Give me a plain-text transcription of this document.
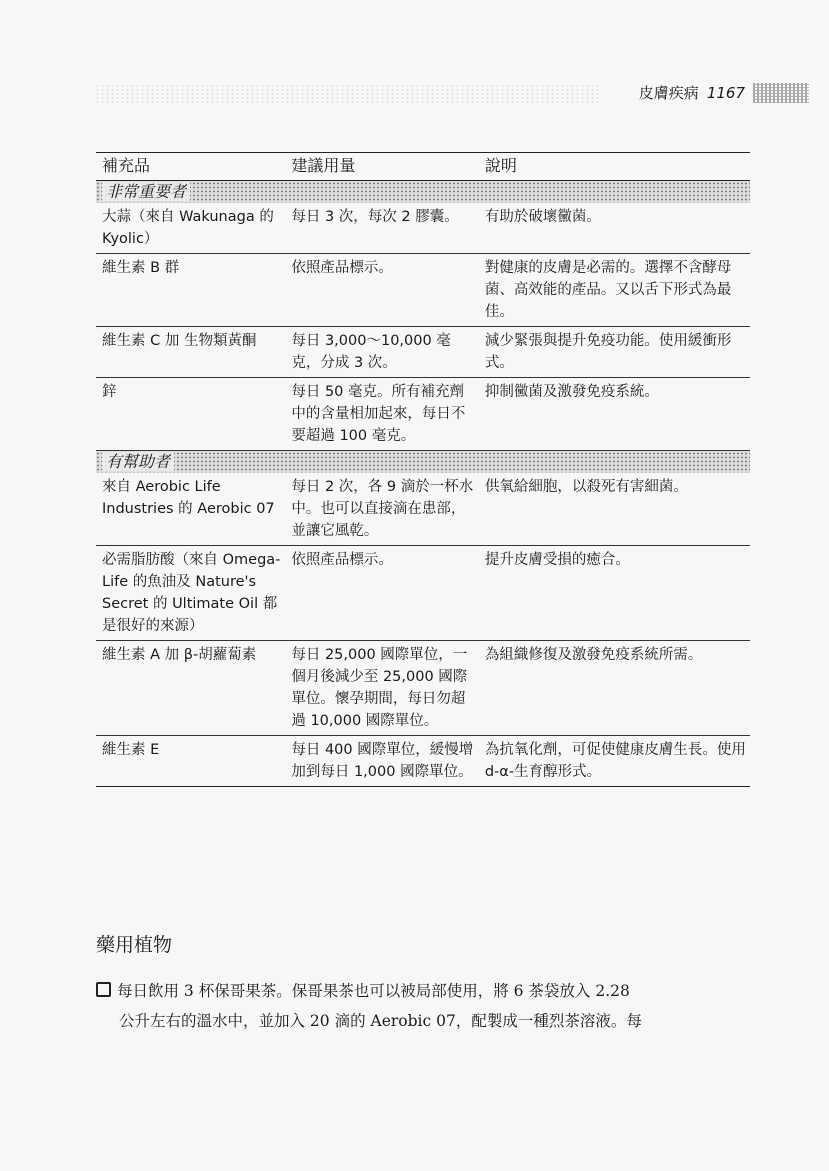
皮膚疾病 1167
補充品	建議用量	說明
非常重要者		
大蒜（來自 Wakunaga 的 Kyolic）	每日 3 次，每次 2 膠囊。	有助於破壞黴菌。
維生素 B 群	依照產品標示。	對健康的皮膚是必需的。選擇不含酵母菌、高效能的產品。又以舌下形式為最佳。
維生素 C 加 生物類黃酮	每日 3,000～10,000 毫克，分成 3 次。	減少緊張與提升免疫功能。使用緩衝形式。
鋅	每日 50 毫克。所有補充劑中的含量相加起來，每日不要超過 100 毫克。	抑制黴菌及激發免疫系統。
有幫助者		
來自 Aerobic Life Industries 的 Aerobic 07	每日 2 次，各 9 滴於一杯水中。也可以直接滴在患部，並讓它風乾。	供氧給細胞，以殺死有害細菌。
必需脂肪酸（來自 Omega-Life 的魚油及 Nature's Secret 的 Ultimate Oil 都是很好的來源）	依照產品標示。	提升皮膚受損的癒合。
維生素 A 加 β-胡蘿蔔素	每日 25,000 國際單位，一個月後減少至 25,000 國際單位。懷孕期間，每日勿超過 10,000 國際單位。	為組織修復及激發免疫系統所需。
維生素 E	每日 400 國際單位，緩慢增加到每日 1,000 國際單位。	為抗氧化劑，可促使健康皮膚生長。使用 d-α-生育醇形式。
藥用植物
每日飲用 3 杯保哥果茶。保哥果茶也可以被局部使用，將 6 茶袋放入 2.28
公升左右的溫水中，並加入 20 滴的 Aerobic 07，配製成一種烈茶溶液。每
